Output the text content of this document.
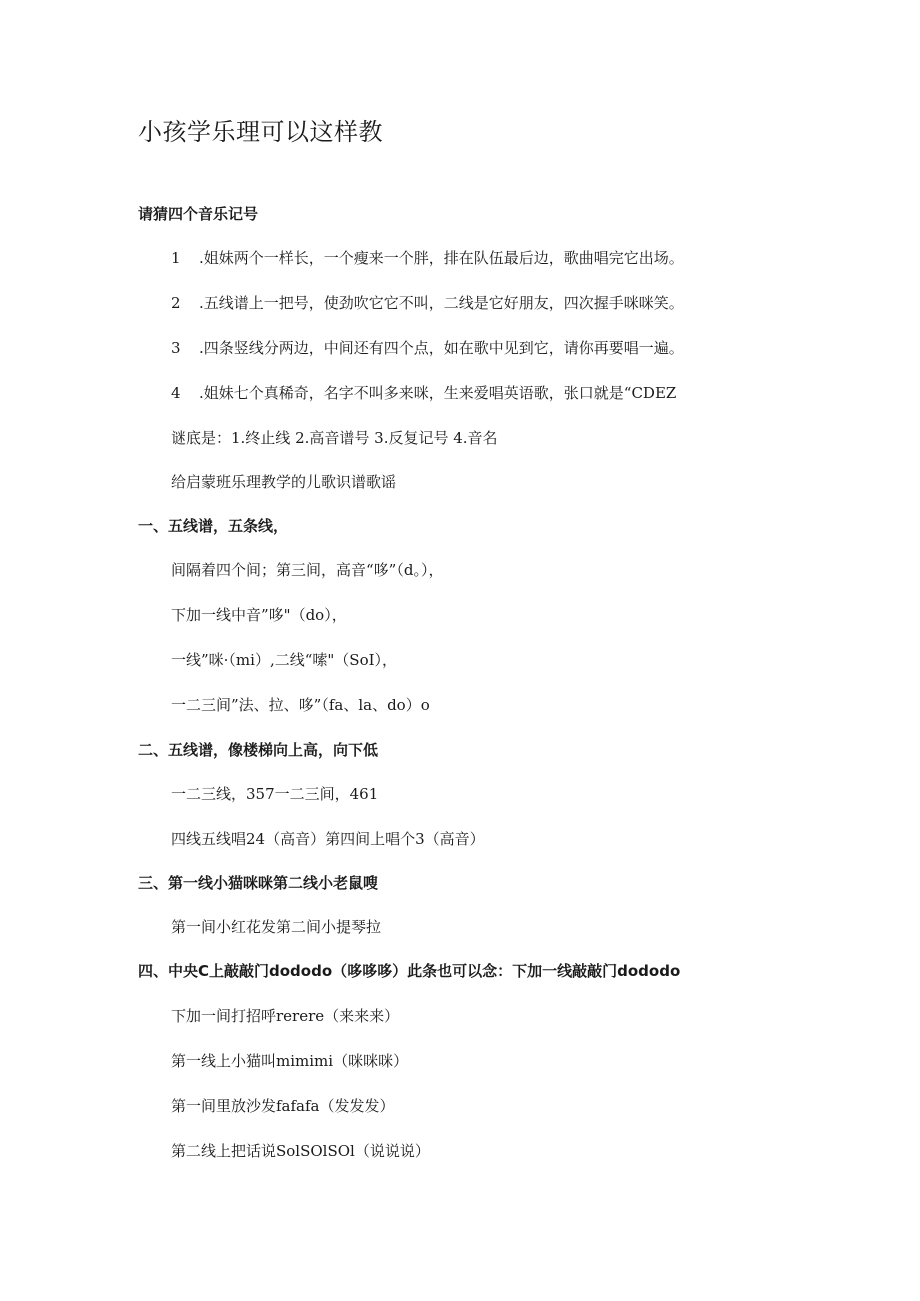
小孩学乐理可以这样教
请猜四个音乐记号
1 .姐妹两个一样长，一个瘦来一个胖，排在队伍最后边，歌曲唱完它出场。
2 .五线谱上一把号，使劲吹它它不叫，二线是它好朋友，四次握手咪咪笑。
3 .四条竖线分两边，中间还有四个点，如在歌中见到它，请你再要唱一遍。
4 .姐妹七个真稀奇，名字不叫多来咪，生来爱唱英语歌，张口就是“CDEZ
谜底是：1.终止线 2.高音谱号 3.反复记号 4.音名
给启蒙班乐理教学的儿歌识谱歌谣
一、五线谱，五条线，
间隔着四个间；第三间，高音“哆”（d。），
下加一线中音”哆"（do），
一线”咪·（mi）,二线“嗦"（SoI），
一二三间”法、拉、哆”（fa、la、do）o
二、五线谱，像楼梯向上高，向下低
一二三线，357一二三间，461
四线五线唱24（高音）第四间上唱个3（高音）
三、第一线小猫咪咪第二线小老鼠嗖
第一间小红花发第二间小提琴拉
四、中央C上敲敲门dododo（哆哆哆）此条也可以念：下加一线敲敲门dododo
下加一间打招呼rerere（来来来）
第一线上小猫叫mimimi（咪咪咪）
第一间里放沙发fafafa（发发发）
第二线上把话说SolSOlSOl（说说说）
